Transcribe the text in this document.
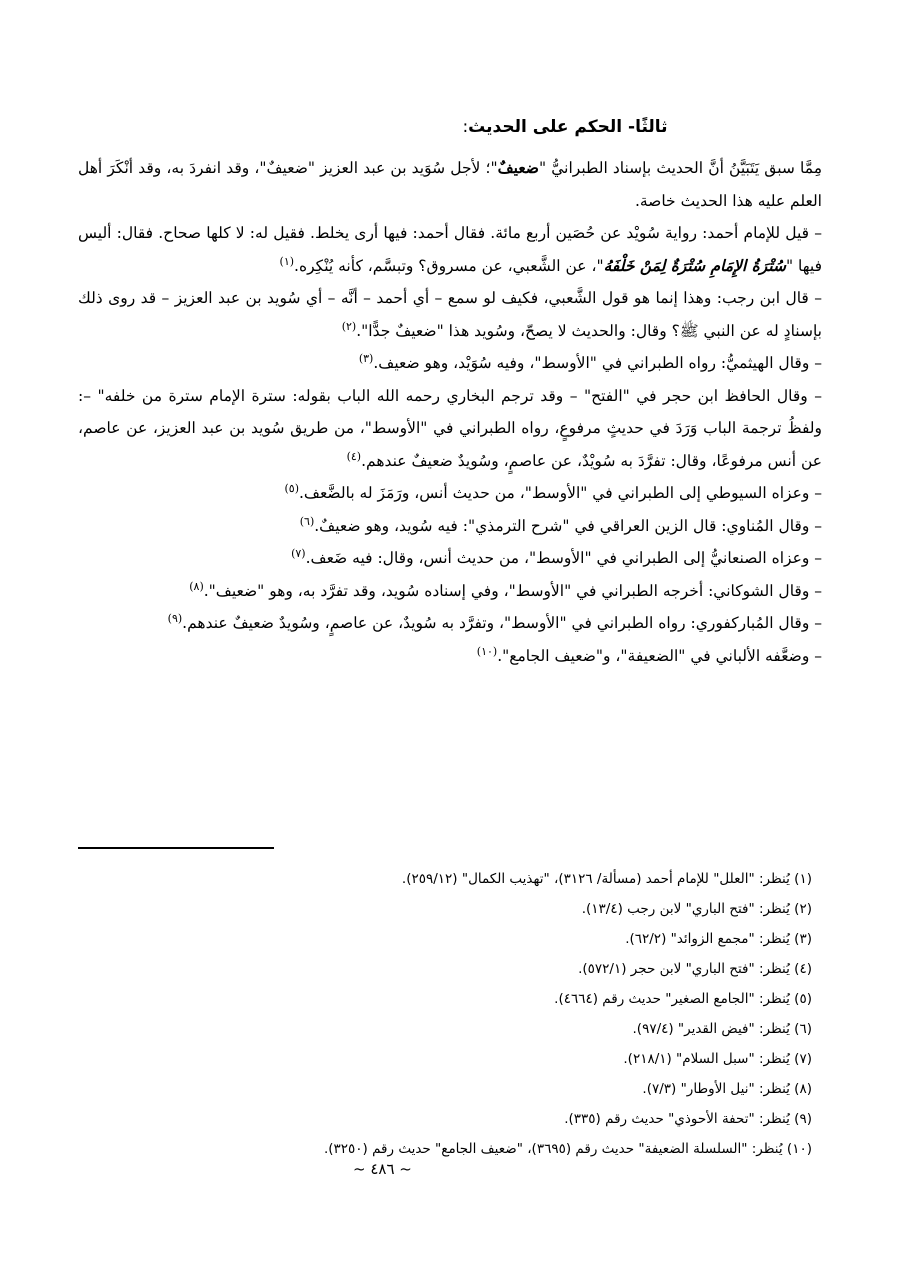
ثالثًا- الحكم على الحديث:

مِمَّا سبق يَتَبَيَّنُ أنَّ الحديث بإسناد الطبرانيُّ "ضعيفٌ"؛ لأجل سُوَيد بن عبد العزيز "ضعيفٌ"، وقد انفردَ به، وقد أنْكَرَ أهل العلم عليه هذا الحديث خاصة.

– قيل للإمام أحمد: رواية سُويْد عن حُصَين أربع مائة. فقال أحمد: فيها أرى يخلط. فقيل له: لا كلها صحاح. فقال: أليس فيها "سُتْرَةُ الإِمَامِ سُتْرَةٌ لِمَنْ خَلْفَهُ"، عن الشَّعبي، عن مسروق؟ وتبسَّم، كأنه يُنْكِره.$^{(١)}$

– قال ابن رجب: وهذا إنما هو قول الشَّعبي، فكيف لو سمع – أي أحمد – أنَّه – أي سُويد بن عبد العزيز – قد روى ذلك بإسنادٍ له عن النبي ﷺ؟ وقال: والحديث لا يصحّ، وسُويد هذا "ضعيفٌ جدًّا".$^{(٢)}$

– وقال الهيثميُّ: رواه الطبراني في "الأوسط"، وفيه سُوَيْد، وهو ضعيف.$^{(٣)}$

– وقال الحافظ ابن حجر في "الفتح" – وقد ترجم البخاري رحمه الله الباب بقوله: سترة الإمام سترة من خلفه" –: ولفظُ ترجمة الباب وَرَدَ في حديثٍ مرفوعٍ، رواه الطبراني في "الأوسط"، من طريق سُويد بن عبد العزيز، عن عاصم، عن أنس مرفوعًا، وقال: تفرَّدَ به سُويْدٌ، عن عاصمٍ، وسُويدٌ ضعيفٌ عندهم.$^{(٤)}$

– وعزاه السيوطي إلى الطبراني في "الأوسط"، من حديث أنس، ورَمَزَ له بالضَّعف.$^{(٥)}$

– وقال المُناوي: قال الزين العراقي في "شرح الترمذي": فيه سُويد، وهو ضعيفٌ.$^{(٦)}$

– وعزاه الصنعانيُّ إلى الطبراني في "الأوسط"، من حديث أنس، وقال: فيه ضَعف.$^{(٧)}$

– وقال الشوكاني: أخرجه الطبراني في "الأوسط"، وفي إسناده سُويد، وقد تفرَّد به، وهو "ضعيف".$^{(٨)}$

– وقال المُباركفوري: رواه الطبراني في "الأوسط"، وتفرَّد به سُويدٌ، عن عاصمٍ، وسُويدٌ ضعيفٌ عندهم.$^{(٩)}$

– وضعَّفه الألباني في "الضعيفة"، و"ضعيف الجامع".$^{(١٠)}$

(١) يُنظر: "العلل" للإمام أحمد (مسألة/ ٣١٢٦)، "تهذيب الكمال" (٢٥٩/١٢).

(٢) يُنظر: "فتح الباري" لابن رجب (١٣/٤).

(٣) يُنظر: "مجمع الزوائد" (٦٢/٢).

(٤) يُنظر: "فتح الباري" لابن حجر (٥٧٢/١).

(٥) يُنظر: "الجامع الصغير" حديث رقم (٤٦٦٤).

(٦) يُنظر: "فيض القدير" (٩٧/٤).

(٧) يُنظر: "سبل السلام" (٢١٨/١).

(٨) يُنظر: "نيل الأوطار" (٧/٣).

(٩) يُنظر: "تحفة الأحوذي" حديث رقم (٣٣٥).

(١٠) يُنظر: "السلسلة الضعيفة" حديث رقم (٣٦٩٥)، "ضعيف الجامع" حديث رقم (٣٢٥٠).

~ ٤٨٦ ~
